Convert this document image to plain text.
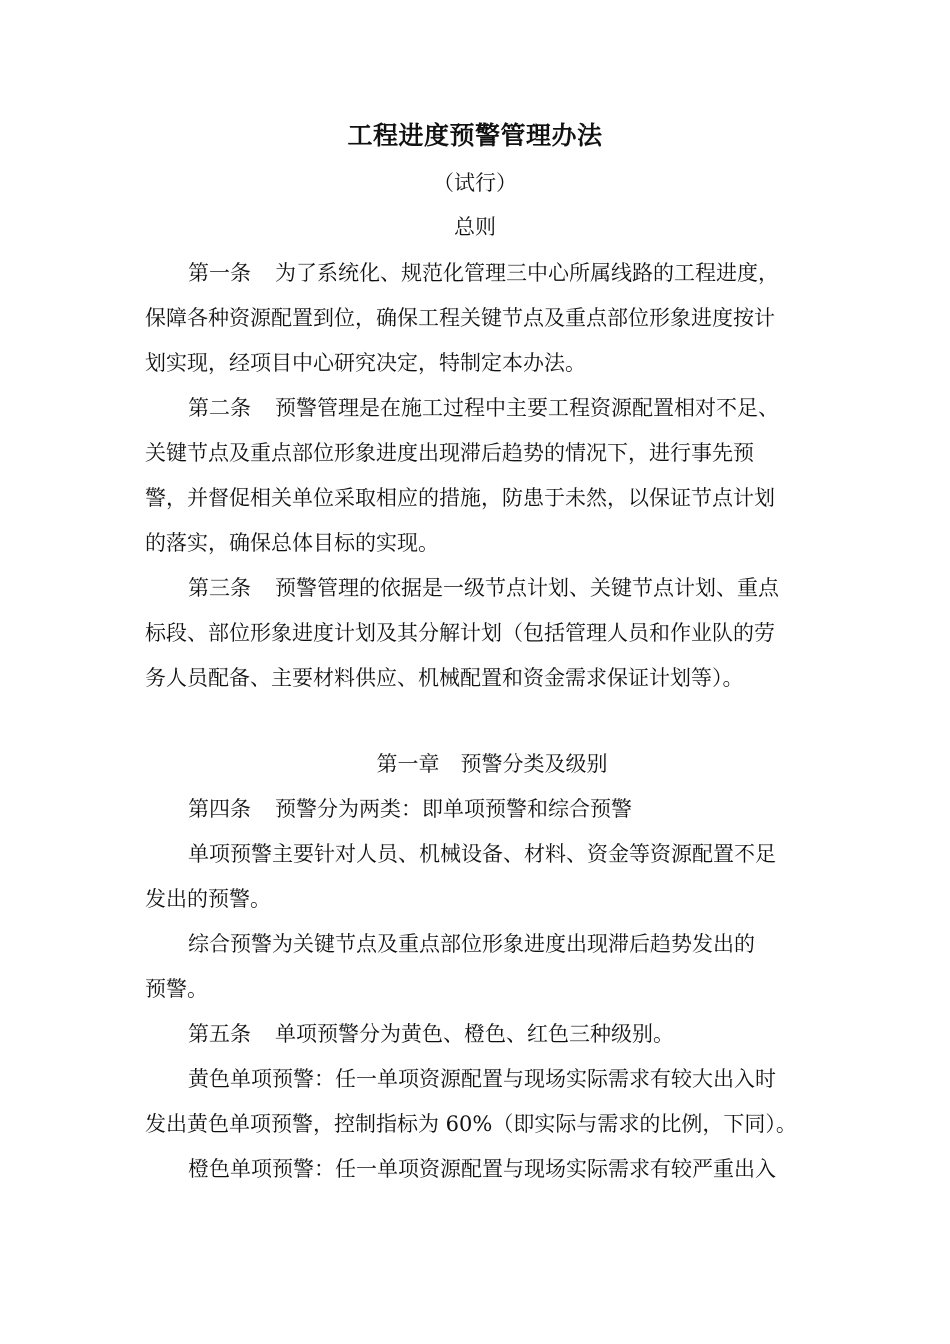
工程进度预警管理办法
（试行）
总则
第一条 为了系统化、规范化管理三中心所属线路的工程进度，
保障各种资源配置到位，确保工程关键节点及重点部位形象进度按计
划实现，经项目中心研究决定，特制定本办法。
第二条 预警管理是在施工过程中主要工程资源配置相对不足、
关键节点及重点部位形象进度出现滞后趋势的情况下，进行事先预
警，并督促相关单位采取相应的措施，防患于未然，以保证节点计划
的落实，确保总体目标的实现。
第三条 预警管理的依据是一级节点计划、关键节点计划、重点
标段、部位形象进度计划及其分解计划（包括管理人员和作业队的劳
务人员配备、主要材料供应、机械配置和资金需求保证计划等）。
第一章　预警分类及级别
第四条 预警分为两类：即单项预警和综合预警
单项预警主要针对人员、机械设备、材料、资金等资源配置不足
发出的预警。
综合预警为关键节点及重点部位形象进度出现滞后趋势发出的
预警。
第五条 单项预警分为黄色、橙色、红色三种级别。
黄色单项预警：任一单项资源配置与现场实际需求有较大出入时
发出黄色单项预警，控制指标为 60%（即实际与需求的比例，下同）。
橙色单项预警：任一单项资源配置与现场实际需求有较严重出入
